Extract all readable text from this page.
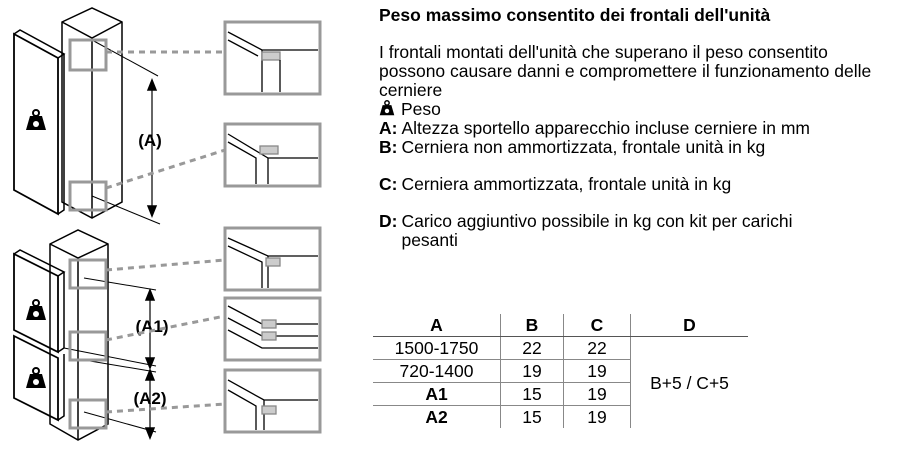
(A)
(A1)
(A2)
Peso massimo consentito dei frontali dell'unità
I frontali montati dell'unità che superano il peso consentito possono causare danni e compromettere il funzionamento delle cerniere
Peso
A: Altezza sportello apparecchio incluse cerniere in mm
B: Cerniera non ammortizzata, frontale unità in kg
C: Cerniera ammortizzata, frontale unità in kg
D: Carico aggiuntivo possibile in kg con kit per carichi pesanti
A	B	C	D
1500-1750	22	22	B+5 / C+5
720-1400	19	19	
A1	15	19	
A2	15	19	
